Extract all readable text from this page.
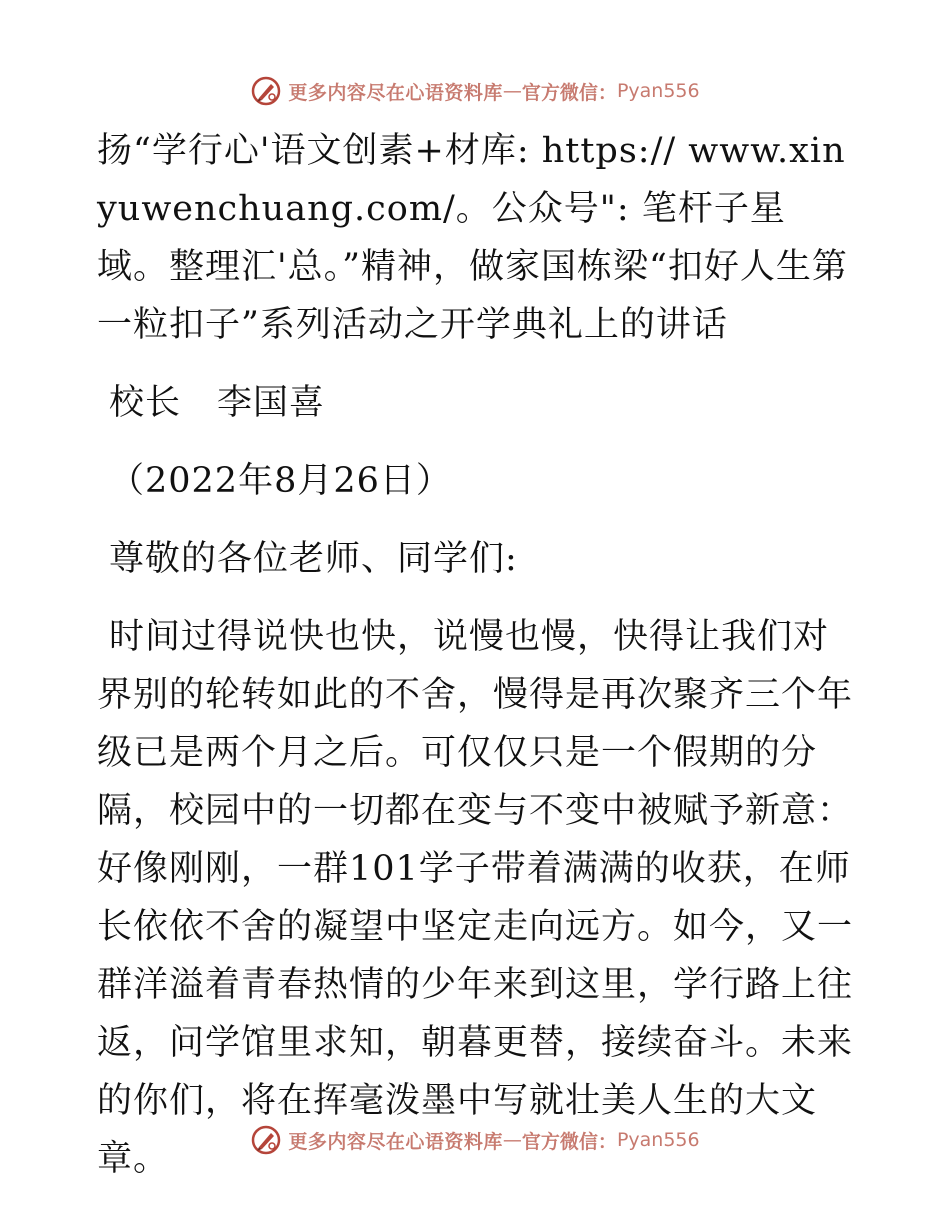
更多内容尽在心语资料库 — 官方微信： Pyan556

扬“学行心'语文创素+材库: https:// www.xinyuwenchuang.com/。公众号": 笔杆子星域。整理汇'总。”精神，做家国栋梁“扣好人生第一粒扣子”系列活动之开学典礼上的讲话

校长　李国喜

（2022年8月26日）

尊敬的各位老师、同学们:

时间过得说快也快，说慢也慢，快得让我们对界别的轮转如此的不舍，慢得是再次聚齐三个年级已是两个月之后。可仅仅只是一个假期的分隔，校园中的一切都在变与不变中被赋予新意：好像刚刚，一群101学子带着满满的收获，在师长依依不舍的凝望中坚定走向远方。如今，又一群洋溢着青春热情的少年来到这里，学行路上往返，问学馆里求知，朝暮更替，接续奋斗。未来的你们，将在挥毫泼墨中写就壮美人生的大文章。	更多内容尽在心语资料库 — 官方微信： Pyan556
